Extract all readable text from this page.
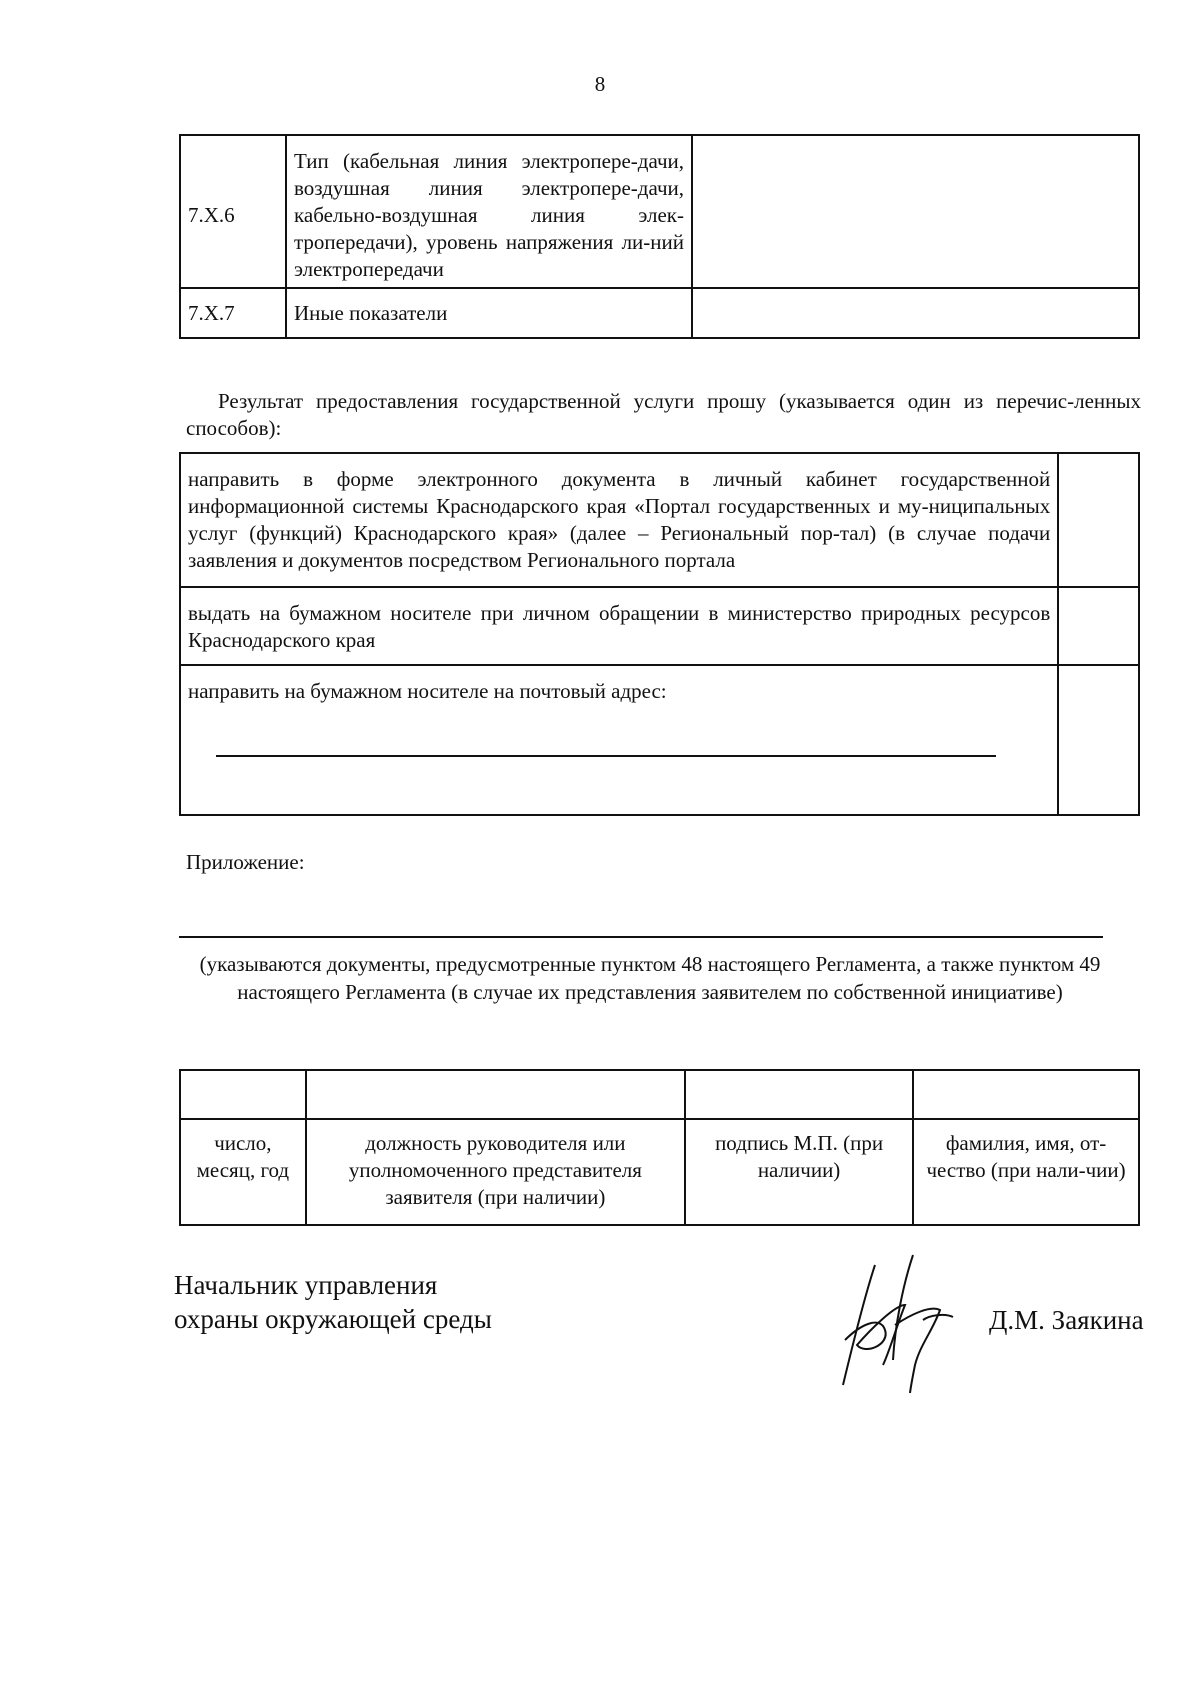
8
7.X.6	Тип (кабельная линия электропере-дачи, воздушная линия электропере-дачи, кабельно-воздушная линия элек-тропередачи), уровень напряжения ли-ний электропередачи	
7.X.7	Иные показатели	
Результат предоставления государственной услуги прошу (указывается один из перечис-ленных способов):
направить в форме электронного документа в личный кабинет государственной информационной системы Краснодарского края «Портал государственных и му-ниципальных услуг (функций) Краснодарского края» (далее – Региональный пор-тал) (в случае подачи заявления и документов посредством Регионального портала	
выдать на бумажном носителе при личном обращении в министерство природных ресурсов Краснодарского края	

направить на бумажном носителе на почтовый адрес:	

Приложение:
(указываются документы, предусмотренные пунктом 48 настоящего Регламента, а также пунктом 49 настоящего Регламента (в случае их представления заявителем по собственной инициативе)

число, месяц, год	должность руководителя или уполномоченного представителя заявителя (при наличии)	подпись М.П. (при наличии)	фамилия, имя, от-чество (при нали-чии)
Начальник управления
охраны окружающей среды	Д.М. Заякина
